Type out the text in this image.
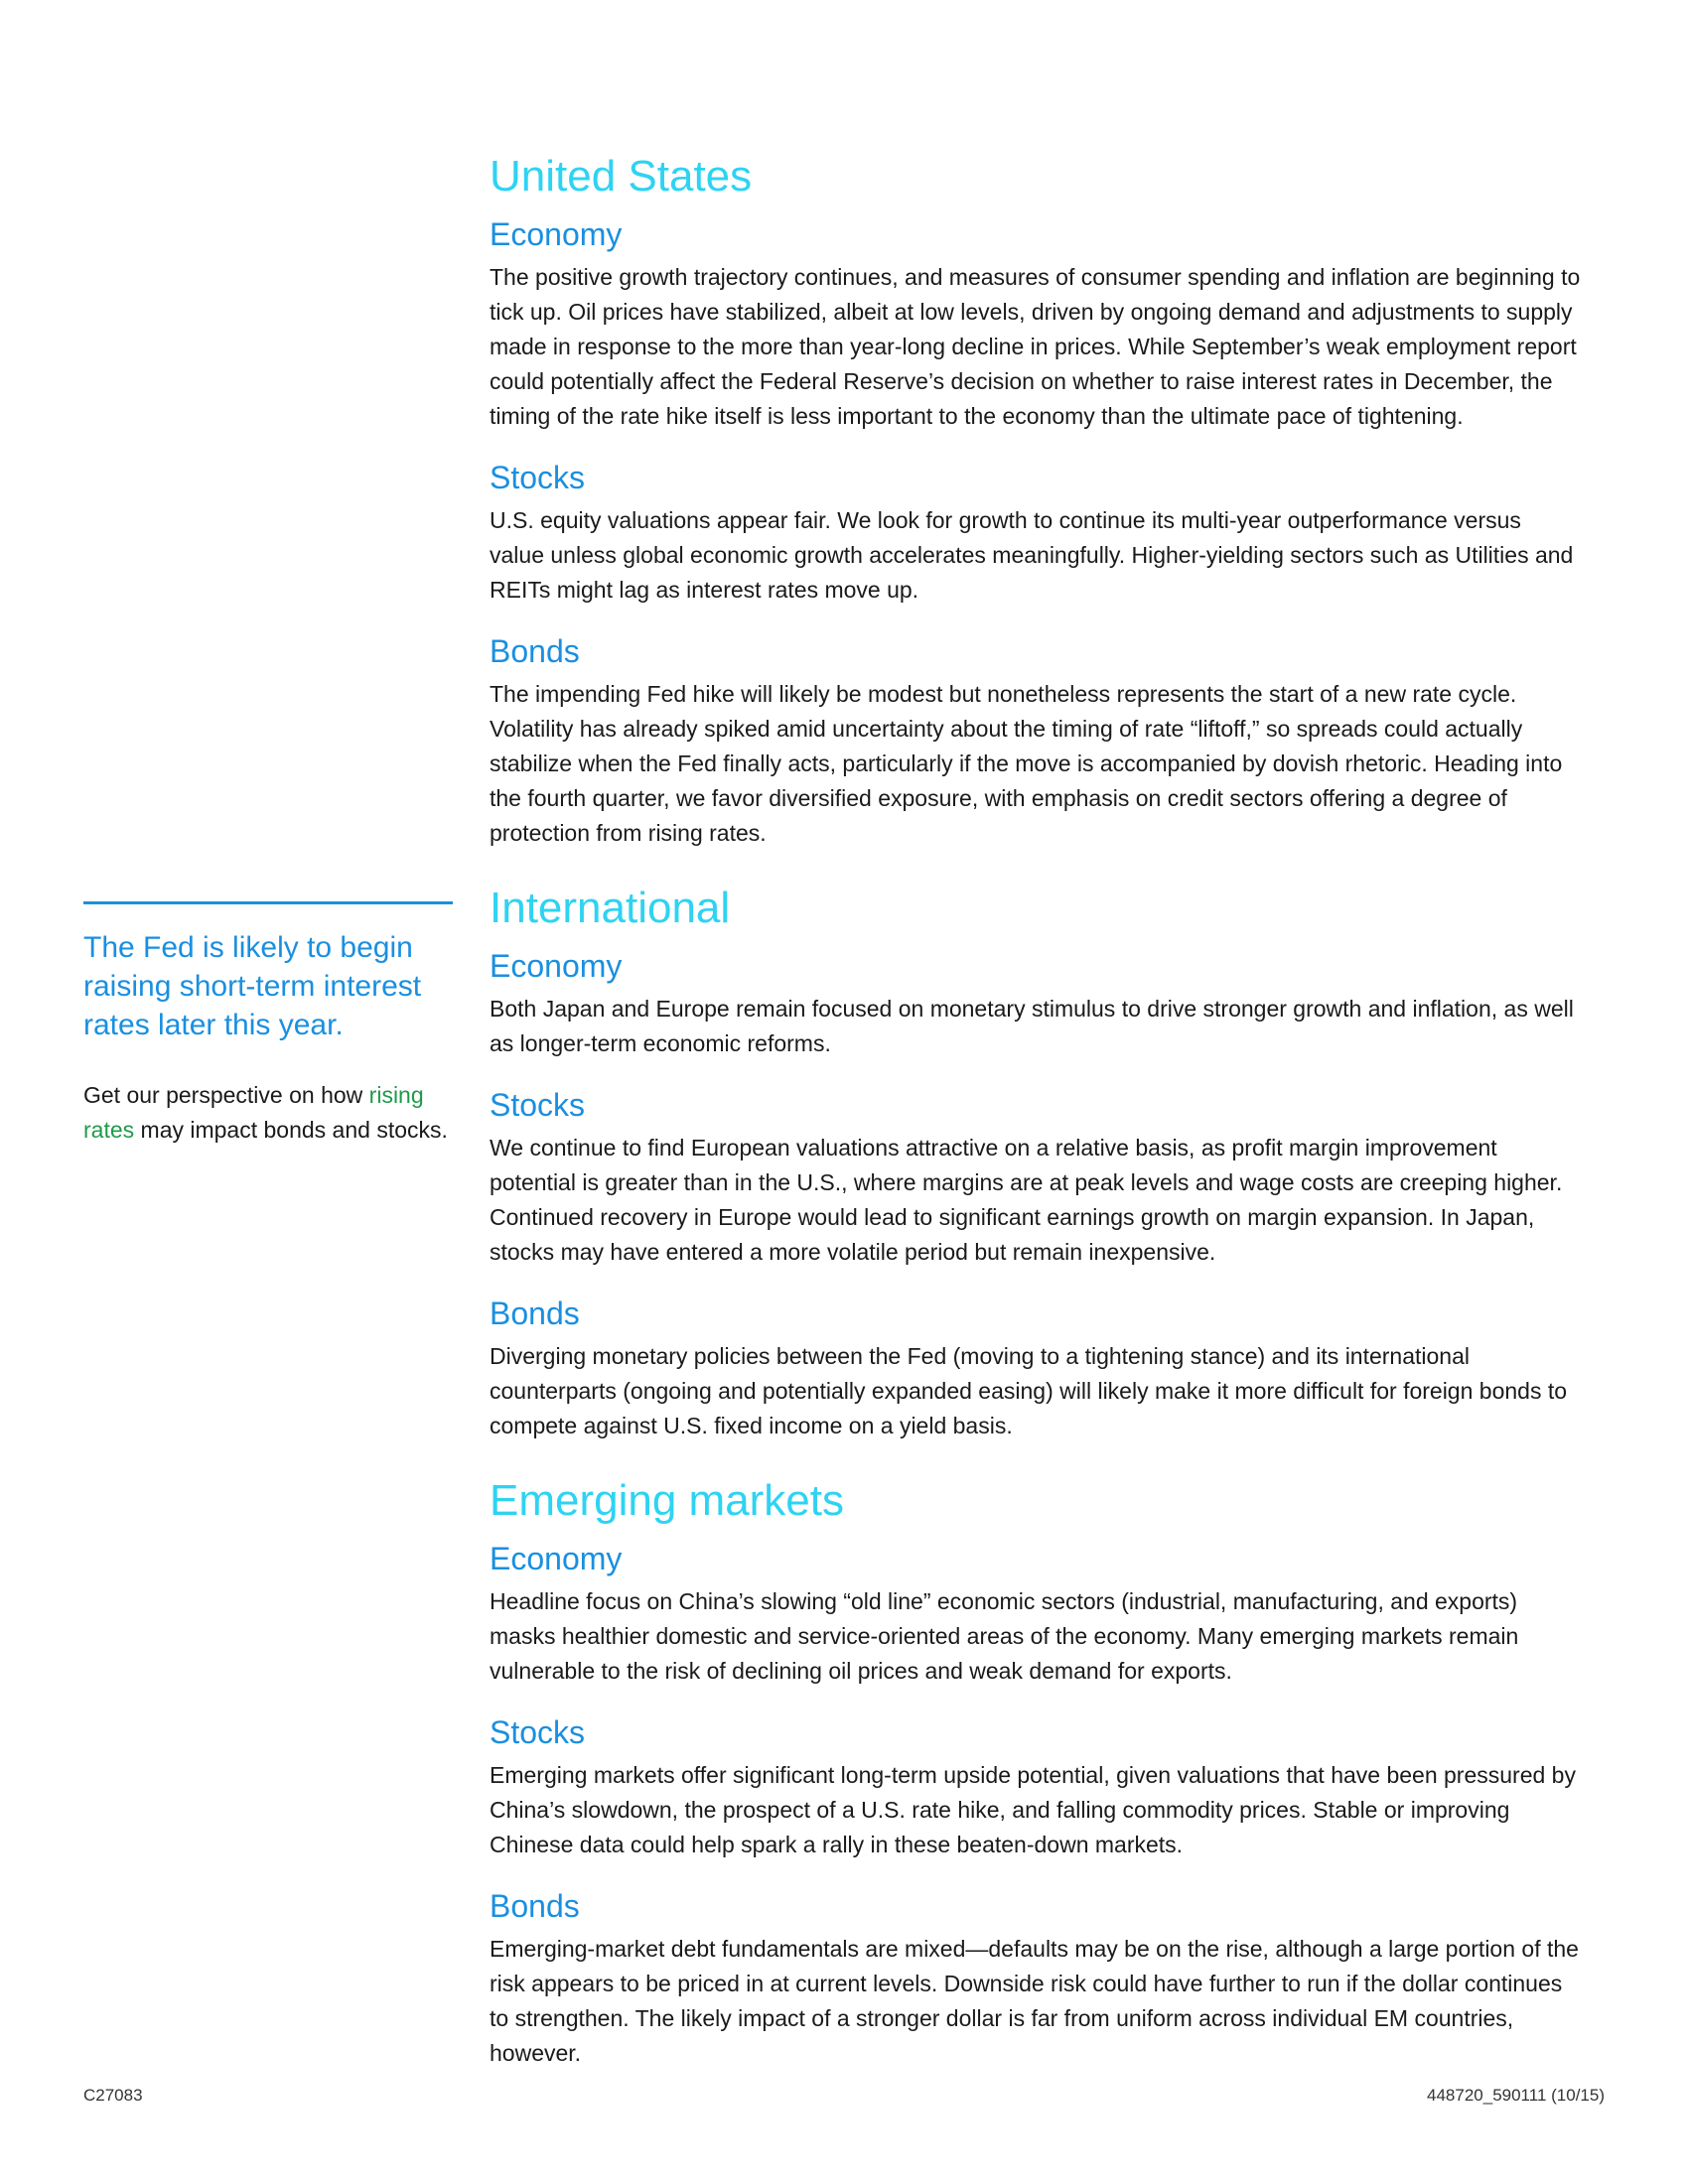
United States
Economy

The positive growth trajectory continues, and measures of consumer spending and inflation are beginning to tick up. Oil prices have stabilized, albeit at low levels, driven by ongoing demand and adjustments to supply made in response to the more than year-long decline in prices. While September’s weak employment report could potentially affect the Federal Reserve’s decision on whether to raise interest rates in December, the timing of the rate hike itself is less important to the economy than the ultimate pace of tightening.

Stocks

U.S. equity valuations appear fair. We look for growth to continue its multi-year outperformance versus value unless global economic growth accelerates meaningfully. Higher-yielding sectors such as Utilities and REITs might lag as interest rates move up.

Bonds

The impending Fed hike will likely be modest but nonetheless represents the start of a new rate cycle. Volatility has already spiked amid uncertainty about the timing of rate “liftoff,” so spreads could actually stabilize when the Fed finally acts, particularly if the move is accompanied by dovish rhetoric. Heading into the fourth quarter, we favor diversified exposure, with emphasis on credit sectors offering a degree of protection from rising rates.

International
Economy

Both Japan and Europe remain focused on monetary stimulus to drive stronger growth and inflation, as well as longer-term economic reforms.

Stocks

We continue to find European valuations attractive on a relative basis, as profit margin improvement potential is greater than in the U.S., where margins are at peak levels and wage costs are creeping higher. Continued recovery in Europe would lead to significant earnings growth on margin expansion. In Japan, stocks may have entered a more volatile period but remain inexpensive.

Bonds

Diverging monetary policies between the Fed (moving to a tightening stance) and its international counterparts (ongoing and potentially expanded easing) will likely make it more difficult for foreign bonds to compete against U.S. fixed income on a yield basis.

Emerging markets
Economy

Headline focus on China’s slowing “old line” economic sectors (industrial, manufacturing, and exports) masks healthier domestic and service-oriented areas of the economy. Many emerging markets remain vulnerable to the risk of declining oil prices and weak demand for exports.

Stocks

Emerging markets offer significant long-term upside potential, given valuations that have been pressured by China’s slowdown, the prospect of a U.S. rate hike, and falling commodity prices. Stable or improving Chinese data could help spark a rally in these beaten-down markets.

Bonds

Emerging-market debt fundamentals are mixed—defaults may be on the rise, although a large portion of the risk appears to be priced in at current levels. Downside risk could have further to run if the dollar continues to strengthen. The likely impact of a stronger dollar is far from uniform across individual EM countries, however.

The Fed is likely to begin raising short-term interest rates later this year.

Get our perspective on how rising rates may impact bonds and stocks.

C27083	448720_590111 (10/15)
